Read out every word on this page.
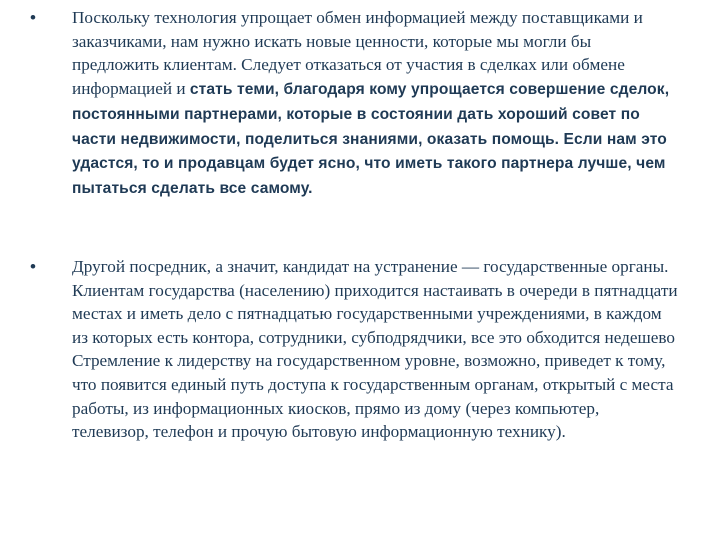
• Поскольку технология упрощает обмен информацией между поставщиками и заказчиками, нам нужно искать новые ценности, которые мы могли бы предложить клиентам. Следует отказаться от участия в сделках или обмене информацией и стать теми, благодаря кому упрощается совершение сделок, постоянными партнерами, которые в состоянии дать хороший совет по части недвижимости, поделиться знаниями, оказать помощь. Если нам это удастся, то и продавцам будет ясно, что иметь такого партнера лучше, чем пытаться сделать все самому.
• Другой посредник, а значит, кандидат на устранение — государственные органы. Клиентам государства (населению) приходится настаивать в очереди в пятнадцати местах и иметь дело с пятнадцатью государственными учреждениями, в каждом из которых есть контора, сотрудники, субподрядчики, все это обходится недешево Стремление к лидерству на государственном уровне, возможно, приведет к тому, что появится единый путь доступа к государственным органам, открытый с места работы, из информационных киосков, прямо из дому (через компьютер, телевизор, телефон и прочую бытовую информационную технику).
